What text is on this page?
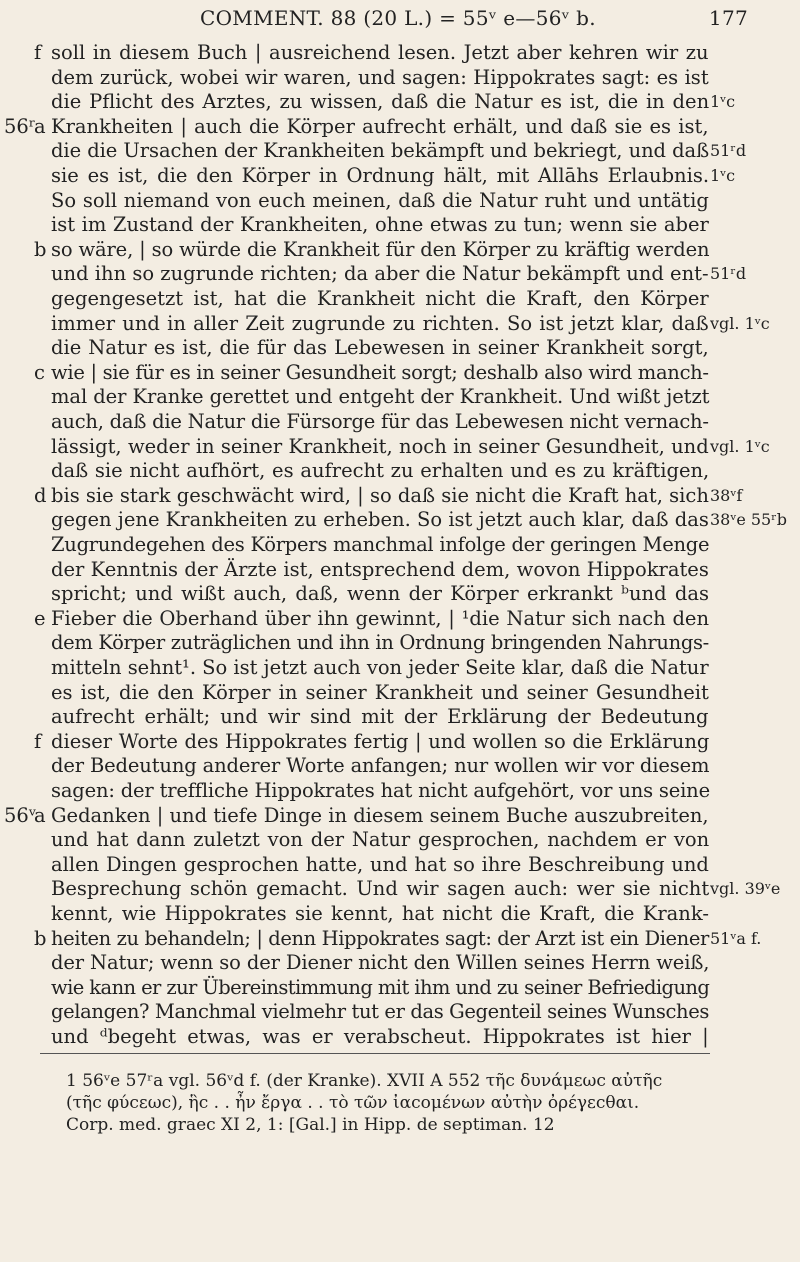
COMMENT. 88 (20 L.) = 55ᵛ e—56ᵛ b.	177
f soll in diesem Buch | ausreichend lesen. Jetzt aber kehren wir zu
dem zurück, wobei wir waren, und sagen: Hippokrates sagt: es ist
die Pflicht des Arztes, zu wissen, daß die Natur es ist, die in den 1ᵛc
56ʳ
a Krankheiten | auch die Körper aufrecht erhält, und daß sie es ist,
die die Ursachen der Krankheiten bekämpft und bekriegt, und daß 51ʳd
sie es ist, die den Körper in Ordnung hält, mit Allāhs Erlaubnis. 1ᵛc
So soll niemand von euch meinen, daß die Natur ruht und untätig
ist im Zustand der Krankheiten, ohne etwas zu tun; wenn sie aber
b so wäre, | so würde die Krankheit für den Körper zu kräftig werden
und ihn so zugrunde richten; da aber die Natur bekämpft und ent- 51ʳd
gegengesetzt ist, hat die Krankheit nicht die Kraft, den Körper
immer und in aller Zeit zugrunde zu richten. So ist jetzt klar, daß vgl. 1ᵛc
die Natur es ist, die für das Lebewesen in seiner Krankheit sorgt,
c wie | sie für es in seiner Gesundheit sorgt; deshalb also wird manch-
mal der Kranke gerettet und entgeht der Krankheit. Und wißt jetzt
auch, daß die Natur die Fürsorge für das Lebewesen nicht vernach-
lässigt, weder in seiner Krankheit, noch in seiner Gesundheit, und vgl. 1ᵛc
daß sie nicht aufhört, es aufrecht zu erhalten und es zu kräftigen,
d bis sie stark geschwächt wird, | so daß sie nicht die Kraft hat, sich 38ᵛf
gegen jene Krankheiten zu erheben. So ist jetzt auch klar, daß das 38ᵛe 55ʳb
Zugrundegehen des Körpers manchmal infolge der geringen Menge
der Kenntnis der Ärzte ist, entsprechend dem, wovon Hippokrates
spricht; und wißt auch, daß, wenn der Körper erkrankt ᵇund das
e Fieber die Oberhand über ihn gewinnt, | ¹die Natur sich nach den
dem Körper zuträglichen und ihn in Ordnung bringenden Nahrungs-
mitteln sehnt¹. So ist jetzt auch von jeder Seite klar, daß die Natur
es ist, die den Körper in seiner Krankheit und seiner Gesundheit
aufrecht erhält; und wir sind mit der Erklärung der Bedeutung
f dieser Worte des Hippokrates fertig | und wollen so die Erklärung
der Bedeutung anderer Worte anfangen; nur wollen wir vor diesem
sagen: der treffliche Hippokrates hat nicht aufgehört, vor uns seine
56ᵛ
a Gedanken | und tiefe Dinge in diesem seinem Buche auszubreiten,
und hat dann zuletzt von der Natur gesprochen, nachdem er von
allen Dingen gesprochen hatte, und hat so ihre Beschreibung und
Besprechung schön gemacht. Und wir sagen auch: wer sie nicht vgl. 39ᵛe
kennt, wie Hippokrates sie kennt, hat nicht die Kraft, die Krank-
b heiten zu behandeln; | denn Hippokrates sagt: der Arzt ist ein Diener 51ᵛa f.
der Natur; wenn so der Diener nicht den Willen seines Herrn weiß,
wie kann er zur Übereinstimmung mit ihm und zu seiner Befriedigung
gelangen? Manchmal vielmehr tut er das Gegenteil seines Wunsches
und ᵈbegeht etwas, was er verabscheut. Hippokrates ist hier |
1 56ᵛe 57ʳa vgl. 56ᵛd f. (der Kranke). XVII A 552 τῆϲ δυνάμεωϲ αὐτῆϲ
(τῆϲ φύϲεωϲ), ἣϲ . . ἦν ἔργα . . τὸ τῶν ἰαϲομένων αὐτὴν ὀρέγεϲθαι.
Corp. med. graec XI 2, 1: [Gal.] in Hipp. de septiman. 12
